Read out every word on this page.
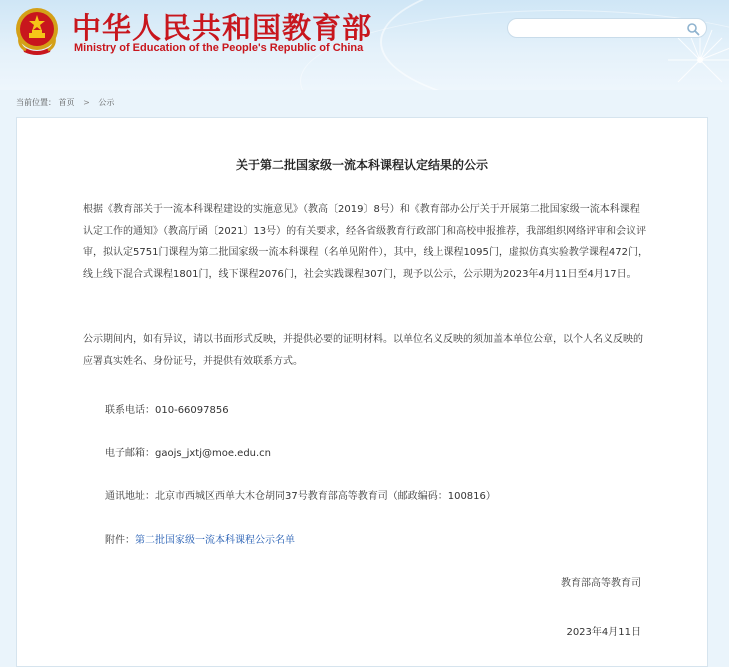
中华人民共和国教育部
Ministry of Education of the People's Republic of China
当前位置： 首页 > 公示
关于第二批国家级一流本科课程认定结果的公示

根据《教育部关于一流本科课程建设的实施意见》（教高〔2019〕8号）和《教育部办公厅关于开展第二批国家级一流本科课程认定工作的通知》（教高厅函〔2021〕13号）的有关要求，经各省级教育行政部门和高校申报推荐，我部组织网络评审和会议评审，拟认定5751门课程为第二批国家级一流本科课程（名单见附件），其中，线上课程1095门，虚拟仿真实验教学课程472门，线上线下混合式课程1801门，线下课程2076门，社会实践课程307门，现予以公示，公示期为2023年4月11日至4月17日。

公示期间内，如有异议，请以书面形式反映，并提供必要的证明材料。以单位名义反映的须加盖本单位公章，以个人名义反映的应署真实姓名、身份证号，并提供有效联系方式。

联系电话：010-66097856
电子邮箱：gaojs_jxtj@moe.edu.cn
通讯地址：北京市西城区西单大木仓胡同37号教育部高等教育司（邮政编码：100816）
附件：第二批国家级一流本科课程公示名单
教育部高等教育司
2023年4月11日
